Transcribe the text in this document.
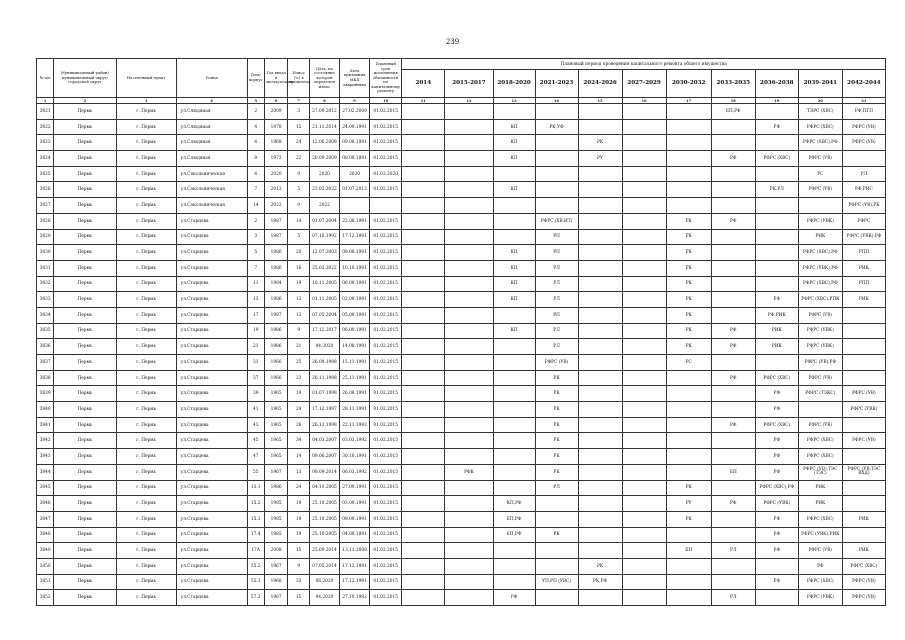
239
№ п/п	Муниципальный район/муниципальный округ/городской округ	Населенный пункт	Улица	Дом/корпус	Год ввода в эксплуатацию	Износ (%) в процентах	Дата, на состояние которой определен износ	Дата признания МКД аварийным	Плановый срок исполнения обязанности по капитальному ремонту	Плановый период проведения капитального ремонта общего имущества										
										2014	2015-2017	2018-2020	2021-2023	2024-2026	2027-2029	2030-2032	2033-2035	2036-2038	2039-2041	2042-2044
1	2	3	4	5	6	7	8	9	10	11	12	13	14	15	16	17	18	19	20	21
3821	Пермь	г. Пермь	ул.Слюдяная	2	2009	3	27.09.2012	27.02.2009	01.02.2015								ЕП,РФ		ТЭРС (ХВС)	РФ,ПГП
3822	Пермь	г. Пермь	ул.Слюдяная	4	1978	15	21.11.2014	24.09.1991	01.02.2015			КП	РК,УФ					РФ	РФРС (ХВС)	РФРС (УВ)
3823	Пермь	г. Пермь	ул.Слюдяная	6	1968	24	12.06.2008	09.08.1991	01.02.2015			КП		РК					РФРС (ХВС),РФ	РФРС (УВ)
3824	Пермь	г. Пермь	ул.Слюдяная	8	1972	22	20.09.2009	08.09.1991	01.02.2015			КП		РУ			РФ	РФРС (ХВС)	РФРС (УВ)	
3825	Пермь	г. Пермь	ул.Сокольническая	6	2020	0	2020	2020	01.03.2020										РС	РЛ
3826	Пермь	г. Пермь	ул.Сокольническая	7	2013	5	23.02.2022	01.07.2013	01.02.2015			КП						РК,РЛ	РФРС (УВ)	РФ,РИС
3827	Пермь	г. Пермь	ул.Сокольническая	14	2022	0	2022													РФРС (УВ),РК
3828	Пермь	г. Пермь	ул.Старцева	2	1987	14	01.07.2004	22.08.1991	01.02.2015				РФРС (ХВ,ИТ)			РК	РФ		РФРС (УВК)	РФРС
3829	Пермь	г. Пермь	ул.Старцева	3	1987	5	07.10.1992	17.12.1991	01.02.2015				РП			РК			РИК	РФРС (УВК),РФ
3830	Пермь	г. Пермь	ул.Старцева	5	1986	20	12.07.2003	08.08.1991	01.02.2015			КП	РП			РК			РФРС (ХВС),РФ	РПП
3831	Пермь	г. Пермь	ул.Старцева	7	1986	16	25.02.2022	10.10.1991	01.02.2015			КП	РЛ			РК			РФРС (УВК),РФ	РИК
3832	Пермь	г. Пермь	ул.Старцева	11	1984	19	10.11.2005	06.09.1991	01.02.2015			КП	РЛ			РК			РФРС (ХВС),РФ	РПП
3833	Пермь	г. Пермь	ул.Старцева	13	1986	12	01.11.2005	02.09.1991	01.02.2015			КП	РЛ			РК		РФ	РФРС (ХВС),РПК	РИК
3834	Пермь	г. Пермь	ул.Старцева	17	1987	12	07.05.2004	05.09.1991	01.02.2015				РП			РК		РФ,РИК	РФРС (УВ)	
3835	Пермь	г. Пермь	ул.Старцева	19	1986	9	17.12.2017	06.09.1991	01.02.2015			КП	РЛ			РК	РФ	РИК	РФРС (УВК)	
3836	Пермь	г. Пермь	ул.Старцева	21	1986	21	04.2020	14.08.1991	01.02.2015				РЛ			РК	РФ	РИК	РФРС (УВК)	
3837	Пермь	г. Пермь	ул.Старцева	31	1966	25	26.09.1998	15.11.1991	01.02.2015				РФРС (УВ)			РС			РФРС (УВ),РФ	
3838	Пермь	г. Пермь	ул.Старцева	37	1966	23	26.11.1998	25.11.1991	01.02.2015				РК				РФ	РФРС (ХВС)	РФРС (УВ)	
3839	Пермь	г. Пермь	ул.Старцева	39	1965	19	01.07.1998	26.08.1991	01.02.2015				РК					РФ	РФРС (ТЭКС)	РФРС (УВ)
3840	Пермь	г. Пермь	ул.Старцева	41	1965	24	17.12.1997	28.11.1991	01.02.2015				РК					РФ		РФРС (УВК)
3841	Пермь	г. Пермь	ул.Старцева	43	1965	26	26.11.1998	22.11.1992	01.02.2015				РК				РФ	РФРС (ХВС)	РФРС (УВ)	
3842	Пермь	г. Пермь	ул.Старцева	45	1965	34	04.03.2007	03.03.1992	01.02.2015				РК					РФ	РФРС (ХВС)	РФРС (УВ)
3843	Пермь	г. Пермь	ул.Старцева	47	1965	14	09.06.2007	30.10.1991	01.02.2015				РК					РФ	РФРС (ХВС)	
3844	Пермь	г. Пермь	ул.Старцева	55	1967	13	08.09.2014	06.03.1992	01.02.2015		РФК		РК				ЕП	РФ	РФРС (УВ),ТЭС (ТЭС)	РФРС (УВ,ТЭС ВХД)
3845	Пермь	г. Пермь	ул.Старцева	13.1	1986	24	04.10.2005	27.09.1991	01.02.2015				РЛ			РК		РФРС (ХВС),РФ	РИК	
3846	Пермь	г. Пермь	ул.Старцева	15.2	1985	19	25.10.2005	03.09.1991	01.02.2015			КП,РФ				РУ	РФ	РФРС (УВК)	РИК	
3847	Пермь	г. Пермь	ул.Старцева	15.3	1985	19	25.10.2005	08.09.1991	01.02.2015			ЕП,РФ				РК		РФ	РФРС (ХВС)	РИК
3848	Пермь	г. Пермь	ул.Старцева	17.4	1985	19	25.10.2005	04.09.1991	01.02.2015			ЕП,РФ	РК					РФ	РФРС (УВК),РИК	
3849	Пермь	г. Пермь	ул.Старцева	17А	2008	15	25.09.2014	13.11.2008	01.02.2015							ЕП	РЛ	РФ	РФРС (УВ)	РИК
3850	Пермь	г. Пермь	ул.Старцева	35.2	1967	9	07.05.2014	17.12.1991	01.02.2015					РК					РФ	РФРС (ХВС)
3851	Пермь	г. Пермь	ул.Старцева	55.3	1968	33	06.2020	17.12.1991	01.02.2015				УП,РП (УВС)	РК,РФ				РФ	РФРС (ХВС)	РФРС (УВ)
3852	Пермь	г. Пермь	ул.Старцева	57.2	1967	15	04.2020	27.10.1992	01.02.2015			РФ					РЛ		РФРС (УВК)	РФРС (УВ)
